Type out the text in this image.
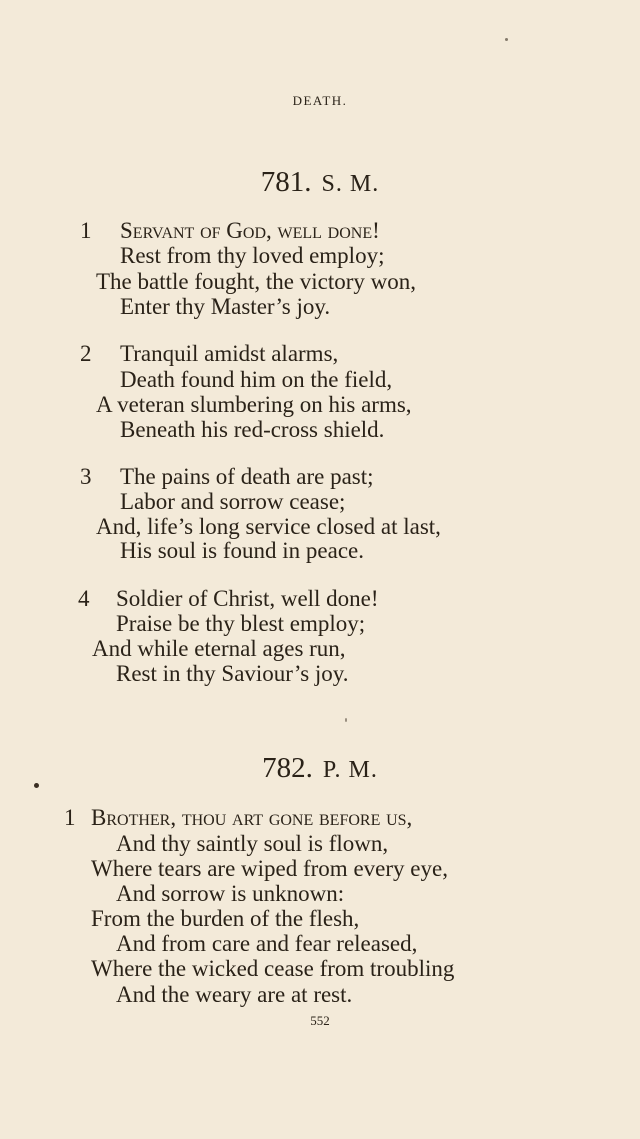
DEATH.
781. S. M.
1 Servant of God, well done!
Rest from thy loved employ;
The battle fought, the victory won,
Enter thy Master’s joy.
2 Tranquil amidst alarms,
Death found him on the field,
A veteran slumbering on his arms,
Beneath his red-cross shield.
3 The pains of death are past;
Labor and sorrow cease;
And, life’s long service closed at last,
His soul is found in peace.
4 Soldier of Christ, well done!
Praise be thy blest employ;
And while eternal ages run,
Rest in thy Saviour’s joy.
782. P. M.
1 Brother, thou art gone before us,
And thy saintly soul is flown,
Where tears are wiped from every eye,
And sorrow is unknown:
From the burden of the flesh,
And from care and fear released,
Where the wicked cease from troubling
And the weary are at rest.
552
